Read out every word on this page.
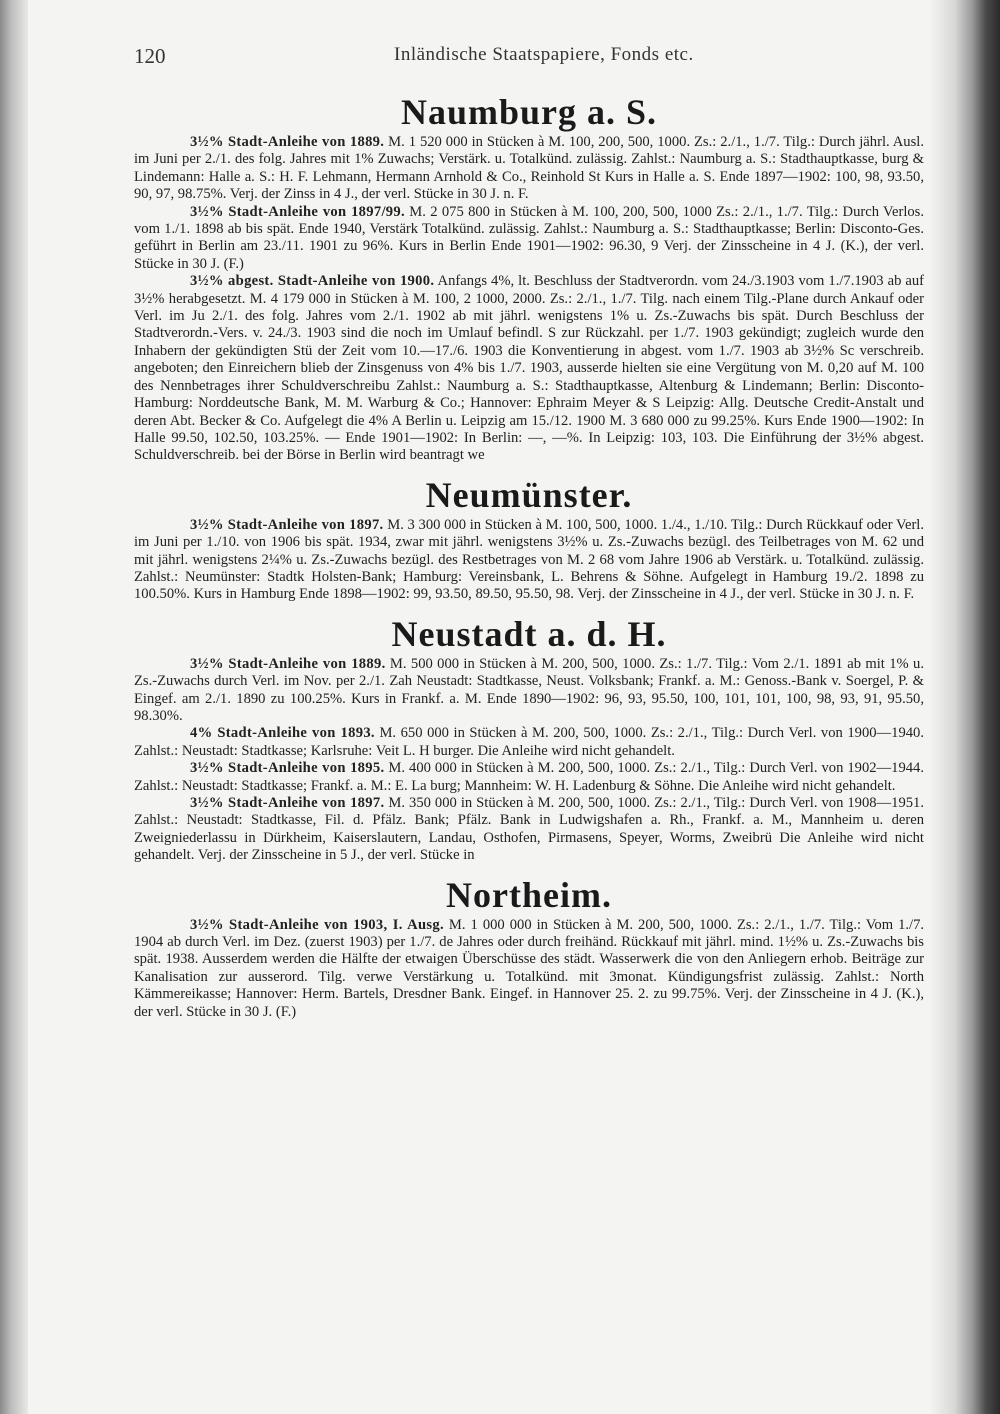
120	Inländische Staatspapiere, Fonds etc.
Naumburg a. S.

3½% Stadt-Anleihe von 1889. M. 1 520 000 in Stücken à M. 100, 200, 500, 1000. Zs.: 2./1., 1./7. Tilg.: Durch jährl. Ausl. im Juni per 2./1. des folg. Jahres mit 1% Zuwachs; Verstärk. u. Totalkünd. zulässig. Zahlst.: Naumburg a. S.: Stadthauptkasse, burg & Lindemann: Halle a. S.: H. F. Lehmann, Hermann Arnhold & Co., Reinhold St Kurs in Halle a. S. Ende 1897—1902: 100, 98, 93.50, 90, 97, 98.75%. Verj. der Zinss in 4 J., der verl. Stücke in 30 J. n. F.

3½% Stadt-Anleihe von 1897/99. M. 2 075 800 in Stücken à M. 100, 200, 500, 1000 Zs.: 2./1., 1./7. Tilg.: Durch Verlos. vom 1./1. 1898 ab bis spät. Ende 1940, Verstärk Totalkünd. zulässig. Zahlst.: Naumburg a. S.: Stadthauptkasse; Berlin: Disconto-Ges. geführt in Berlin am 23./11. 1901 zu 96%. Kurs in Berlin Ende 1901—1902: 96.30, 9 Verj. der Zinsscheine in 4 J. (K.), der verl. Stücke in 30 J. (F.)

3½% abgest. Stadt-Anleihe von 1900. Anfangs 4%, lt. Beschluss der Stadtverordn. vom 24./3.1903 vom 1./7.1903 ab auf 3½% herabgesetzt. M. 4 179 000 in Stücken à M. 100, 2 1000, 2000. Zs.: 2./1., 1./7. Tilg. nach einem Tilg.-Plane durch Ankauf oder Verl. im Ju 2./1. des folg. Jahres vom 2./1. 1902 ab mit jährl. wenigstens 1% u. Zs.-Zuwachs bis spät. Durch Beschluss der Stadtverordn.-Vers. v. 24./3. 1903 sind die noch im Umlauf befindl. S zur Rückzahl. per 1./7. 1903 gekündigt; zugleich wurde den Inhabern der gekündigten Stü der Zeit vom 10.—17./6. 1903 die Konventierung in abgest. vom 1./7. 1903 ab 3½% Sc verschreib. angeboten; den Einreichern blieb der Zinsgenuss von 4% bis 1./7. 1903, ausserde hielten sie eine Vergütung von M. 0,20 auf M. 100 des Nennbetrages ihrer Schuldverschreibu Zahlst.: Naumburg a. S.: Stadthauptkasse, Altenburg & Lindemann; Berlin: Disconto- Hamburg: Norddeutsche Bank, M. M. Warburg & Co.; Hannover: Ephraim Meyer & S Leipzig: Allg. Deutsche Credit-Anstalt und deren Abt. Becker & Co. Aufgelegt die 4% A Berlin u. Leipzig am 15./12. 1900 M. 3 680 000 zu 99.25%. Kurs Ende 1900—1902: In Halle 99.50, 102.50, 103.25%. — Ende 1901—1902: In Berlin: —, —%. In Leipzig: 103, 103. Die Einführung der 3½% abgest. Schuldverschreib. bei der Börse in Berlin wird beantragt we

Neumünster.

3½% Stadt-Anleihe von 1897. M. 3 300 000 in Stücken à M. 100, 500, 1000. 1./4., 1./10. Tilg.: Durch Rückkauf oder Verl. im Juni per 1./10. von 1906 bis spät. 1934, zwar mit jährl. wenigstens 3½% u. Zs.-Zuwachs bezügl. des Teilbetrages von M. 62 und mit jährl. wenigstens 2¼% u. Zs.-Zuwachs bezügl. des Restbetrages von M. 2 68 vom Jahre 1906 ab Verstärk. u. Totalkünd. zulässig. Zahlst.: Neumünster: Stadtk Holsten-Bank; Hamburg: Vereinsbank, L. Behrens & Söhne. Aufgelegt in Hamburg 19./2. 1898 zu 100.50%. Kurs in Hamburg Ende 1898—1902: 99, 93.50, 89.50, 95.50, 98. Verj. der Zinsscheine in 4 J., der verl. Stücke in 30 J. n. F.

Neustadt a. d. H.

3½% Stadt-Anleihe von 1889. M. 500 000 in Stücken à M. 200, 500, 1000. Zs.: 1./7. Tilg.: Vom 2./1. 1891 ab mit 1% u. Zs.-Zuwachs durch Verl. im Nov. per 2./1. Zah Neustadt: Stadtkasse, Neust. Volksbank; Frankf. a. M.: Genoss.-Bank v. Soergel, P. & Eingef. am 2./1. 1890 zu 100.25%. Kurs in Frankf. a. M. Ende 1890—1902: 96, 93, 95.50, 100, 101, 101, 100, 98, 93, 91, 95.50, 98.30%.

4% Stadt-Anleihe von 1893. M. 650 000 in Stücken à M. 200, 500, 1000. Zs.: 2./1., Tilg.: Durch Verl. von 1900—1940. Zahlst.: Neustadt: Stadtkasse; Karlsruhe: Veit L. H burger. Die Anleihe wird nicht gehandelt.

3½% Stadt-Anleihe von 1895. M. 400 000 in Stücken à M. 200, 500, 1000. Zs.: 2./1., Tilg.: Durch Verl. von 1902—1944. Zahlst.: Neustadt: Stadtkasse; Frankf. a. M.: E. La burg; Mannheim: W. H. Ladenburg & Söhne. Die Anleihe wird nicht gehandelt.

3½% Stadt-Anleihe von 1897. M. 350 000 in Stücken à M. 200, 500, 1000. Zs.: 2./1., Tilg.: Durch Verl. von 1908—1951. Zahlst.: Neustadt: Stadtkasse, Fil. d. Pfälz. Bank; Pfälz. Bank in Ludwigshafen a. Rh., Frankf. a. M., Mannheim u. deren Zweigniederlassu in Dürkheim, Kaiserslautern, Landau, Osthofen, Pirmasens, Speyer, Worms, Zweibrü Die Anleihe wird nicht gehandelt. Verj. der Zinsscheine in 5 J., der verl. Stücke in

Northeim.

3½% Stadt-Anleihe von 1903, I. Ausg. M. 1 000 000 in Stücken à M. 200, 500, 1000. Zs.: 2./1., 1./7. Tilg.: Vom 1./7. 1904 ab durch Verl. im Dez. (zuerst 1903) per 1./7. de Jahres oder durch freihänd. Rückkauf mit jährl. mind. 1½% u. Zs.-Zuwachs bis spät. 1938. Ausserdem werden die Hälfte der etwaigen Überschüsse des städt. Wasserwerk die von den Anliegern erhob. Beiträge zur Kanalisation zur ausserord. Tilg. verwe Verstärkung u. Totalkünd. mit 3monat. Kündigungsfrist zulässig. Zahlst.: North Kämmereikasse; Hannover: Herm. Bartels, Dresdner Bank. Eingef. in Hannover 25. 2. zu 99.75%. Verj. der Zinsscheine in 4 J. (K.), der verl. Stücke in 30 J. (F.)
